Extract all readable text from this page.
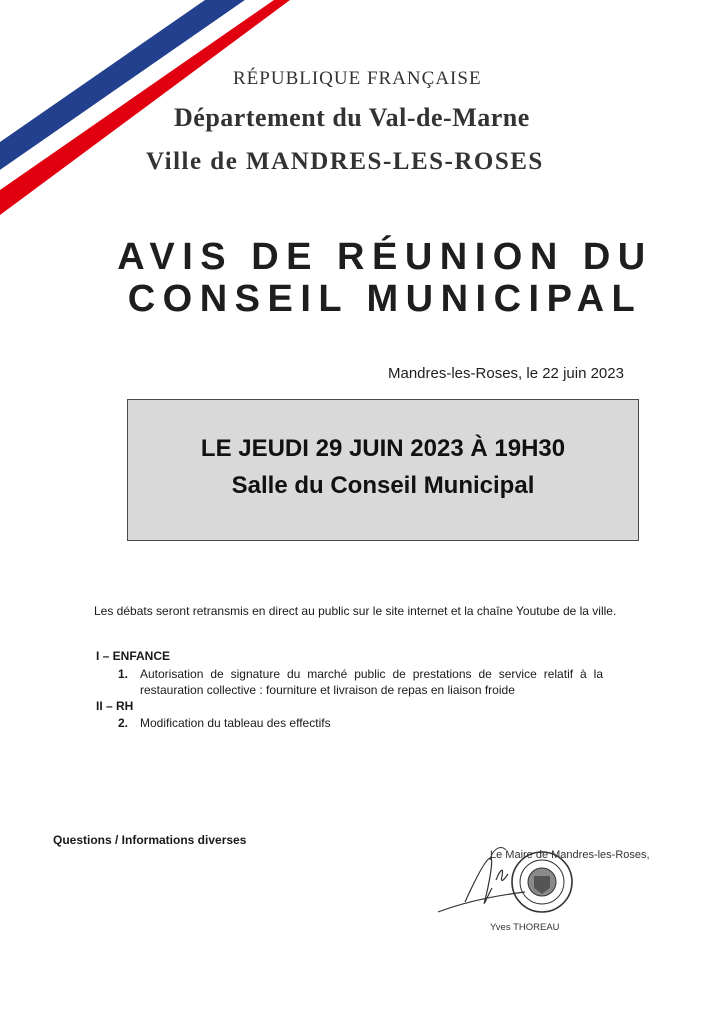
RÉPUBLIQUE FRANÇAISE
Département du Val-de-Marne
Ville de MANDRES-LES-ROSES
AVIS DE RÉUNION DU
CONSEIL MUNICIPAL
Mandres-les-Roses, le 22 juin 2023
LE JEUDI 29 JUIN 2023 À 19H30
Salle du Conseil Municipal
Les débats seront retransmis en direct au public sur le site internet et la chaîne Youtube de la ville.
I – ENFANCE
1. Autorisation de signature du marché public de prestations de service relatif à la
restauration collective : fourniture et livraison de repas en liaison froide
II – RH
2. Modification du tableau des effectifs
Questions / Informations diverses
Le Maire de Mandres-les-Roses,
Yves THOREAU
